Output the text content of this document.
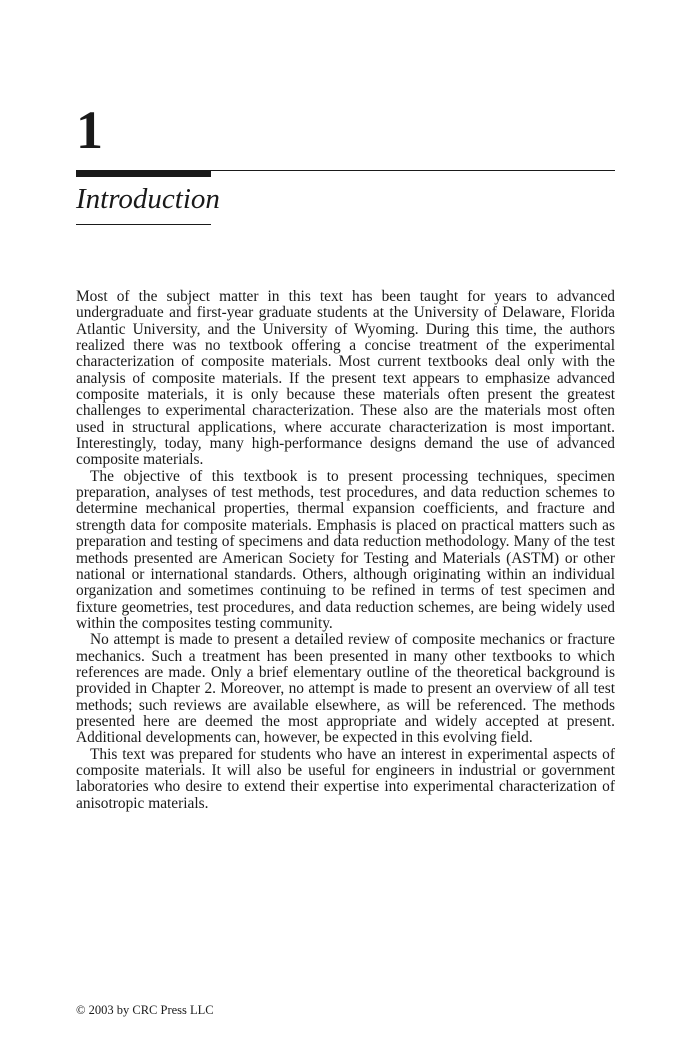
1
Introduction

Most of the subject matter in this text has been taught for years to advanced undergraduate and first-year graduate students at the University of Delaware, Florida Atlantic University, and the University of Wyoming. During this time, the authors realized there was no textbook offering a concise treatment of the experimental characterization of composite materials. Most current textbooks deal only with the analysis of composite materials. If the present text appears to emphasize advanced composite materials, it is only because these materials often present the greatest challenges to experimental characterization. These also are the materials most often used in structural applications, where accurate characterization is most important. Interestingly, today, many high-performance designs demand the use of advanced composite materials.

The objective of this textbook is to present processing techniques, specimen preparation, analyses of test methods, test procedures, and data reduction schemes to determine mechanical properties, thermal expansion coefficients, and fracture and strength data for composite materials. Emphasis is placed on practical matters such as preparation and testing of specimens and data reduction methodology. Many of the test methods presented are American Society for Testing and Materials (ASTM) or other national or international standards. Others, although originating within an individual organization and sometimes continuing to be refined in terms of test specimen and fixture geometries, test procedures, and data reduction schemes, are being widely used within the composites testing community.

No attempt is made to present a detailed review of composite mechanics or fracture mechanics. Such a treatment has been presented in many other textbooks to which references are made. Only a brief elementary outline of the theoretical background is provided in Chapter 2. Moreover, no attempt is made to present an overview of all test methods; such reviews are available elsewhere, as will be referenced. The methods presented here are deemed the most appropriate and widely accepted at present. Additional developments can, however, be expected in this evolving field.

This text was prepared for students who have an interest in experimental aspects of composite materials. It will also be useful for engineers in industrial or government laboratories who desire to extend their expertise into experimental characterization of anisotropic materials.

© 2003 by CRC Press LLC
